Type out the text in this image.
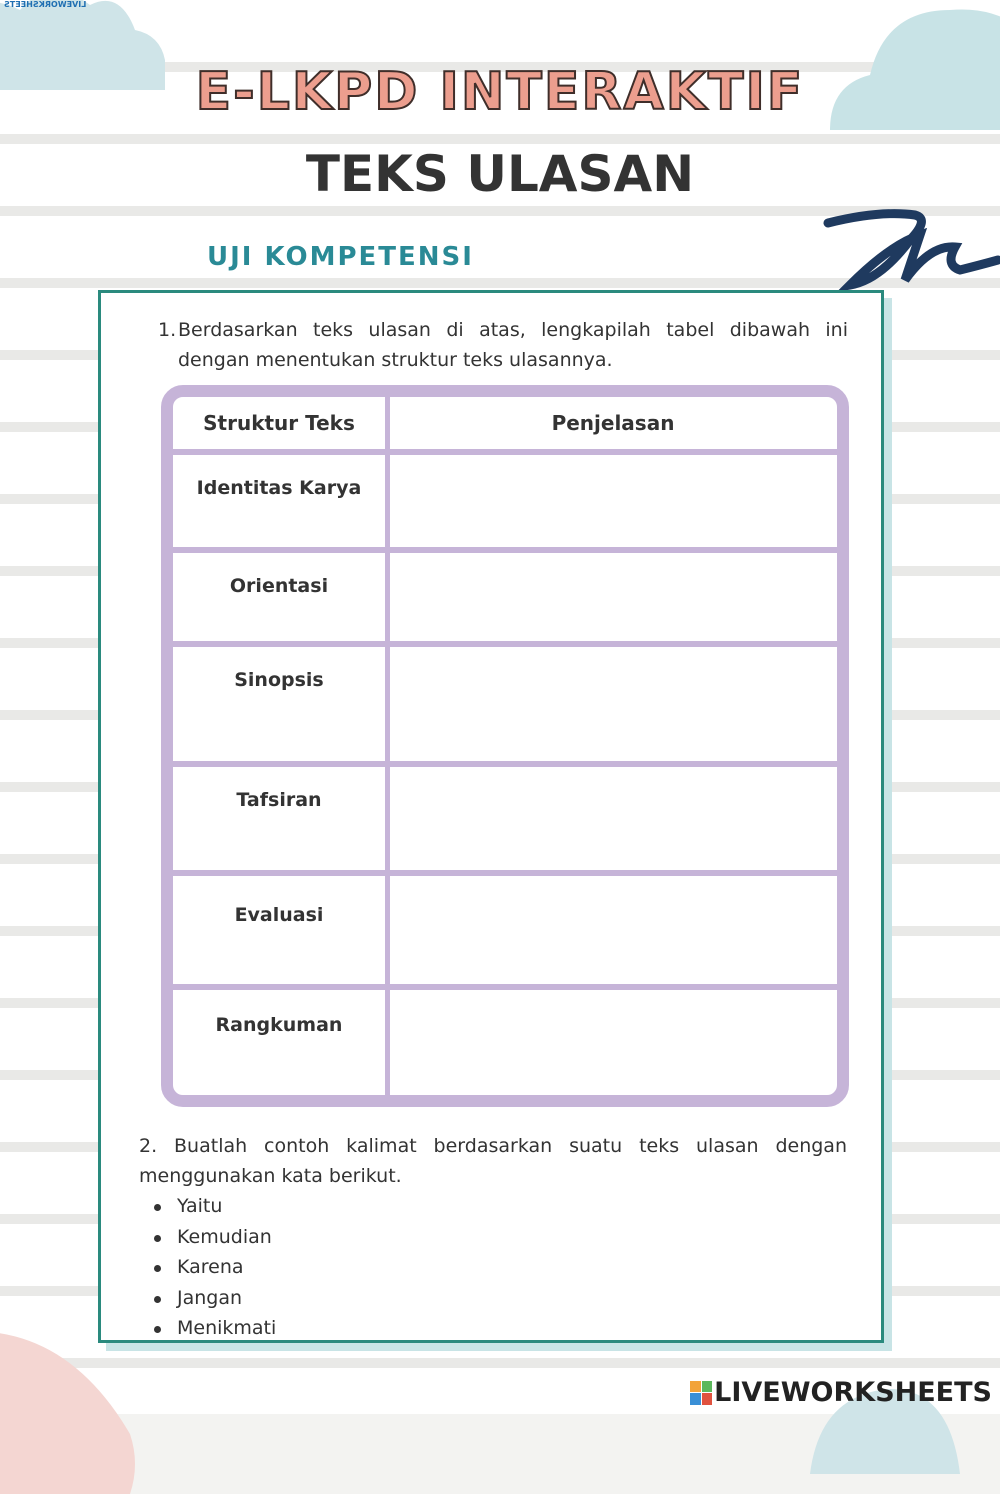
LIVEWORKSHEETS
E-LKPD INTERAKTIF
TEKS ULASAN
UJI KOMPETENSI
1. Berdasarkan teks ulasan di atas, lengkapilah tabel dibawah ini dengan menentukan struktur teks ulasannya.
Struktur Teks	Penjelasan
Identitas Karya
Orientasi
Sinopsis
Tafsiran
Evaluasi
Rangkuman
2. Buatlah contoh kalimat berdasarkan suatu teks ulasan dengan menggunakan kata berikut.
Yaitu
Kemudian
Karena
Jangan
Menikmati
LIVEWORKSHEETS
